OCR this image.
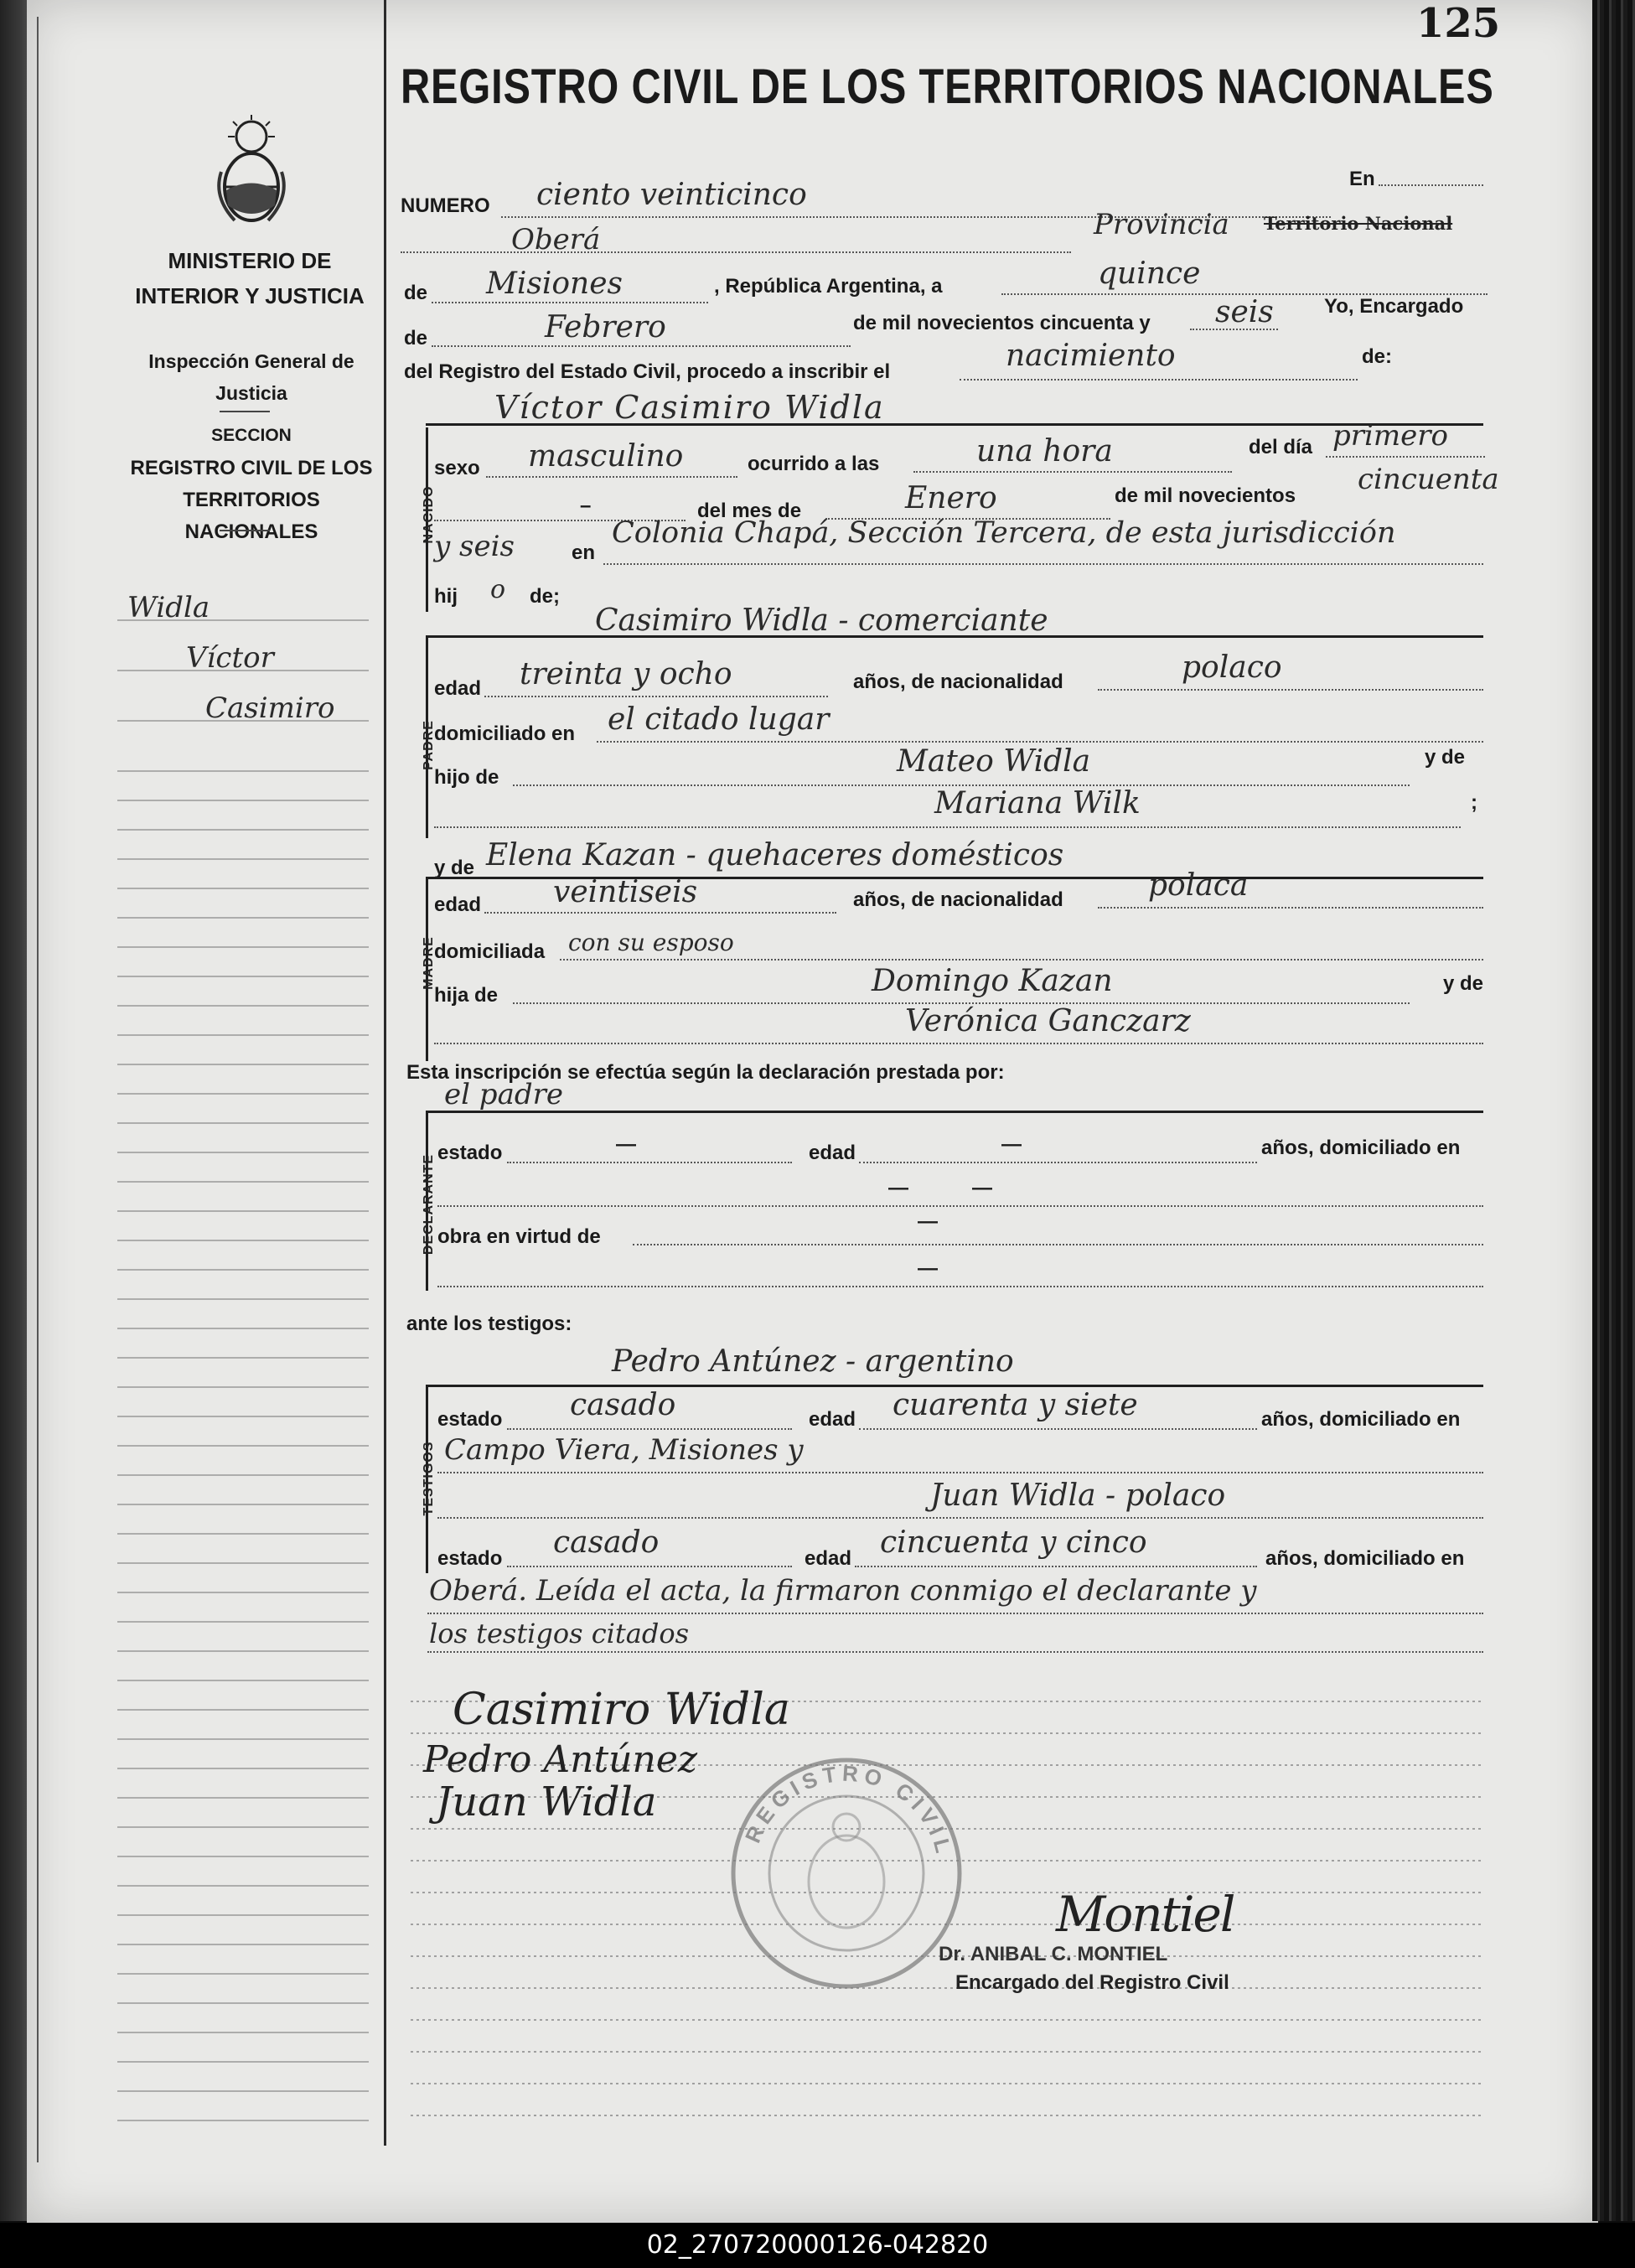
125
MINISTERIO DE INTERIOR Y JUSTICIA
Inspección General de Justicia
SECCION
REGISTRO CIVIL DE LOS TERRITORIOS NACIONALES
Widla
Víctor
Casimiro
REGISTRO CIVIL DE LOS TERRITORIOS NACIONALES
NUMERO ciento veinticinco	En
Oberá	Provincia Territorio Nacional
de Misiones	, República Argentina, a	quince
de	Febrero	de mil novecientos cincuenta y seis	Yo, Encargado
del Registro del Estado Civil, procedo a inscribir el	nacimiento	de:
NACIDO
Víctor Casimiro Widla
sexo masculino	ocurrido a las	una hora	del día primero
–	del mes de	Enero	de mil novecientos cincuenta
y seis	en
Colonia Chapá, Sección Tercera, de esta jurisdicción
hij o de;
PADRE
Casimiro Widla - comerciante
edad treinta y ocho	años, de nacionalidad	polaco
domiciliado en el citado lugar
hijo de	Mateo Widla	y de
Mariana Wilk	;
y de Elena Kazan - quehaceres domésticos
MADRE
edad veintiseis	años, de nacionalidad	polaca
domiciliada con su esposo
hija de	Domingo Kazan	y de
Verónica Ganczarz
Esta inscripción se efectúa según la declaración prestada por:
el padre
DECLARANTE
estado	—	edad	—	años, domiciliado en
—	—
obra en virtud de
—
—
ante los testigos:
Pedro Antúnez - argentino
TESTIGOS
estado casado	edad cuarenta y siete	años, domiciliado en
Campo Viera, Misiones y
Juan Widla - polaco
estado casado	edad cincuenta y cinco	años, domiciliado en
Oberá. Leída el acta, la firmaron conmigo el declarante y
los testigos citados
Casimiro Widla
Pedro Antúnez
Juan Widla
REGISTRO CIVIL
Montiel
Dr. ANIBAL C. MONTIEL
Encargado del Registro Civil
02_270720000126-042820
